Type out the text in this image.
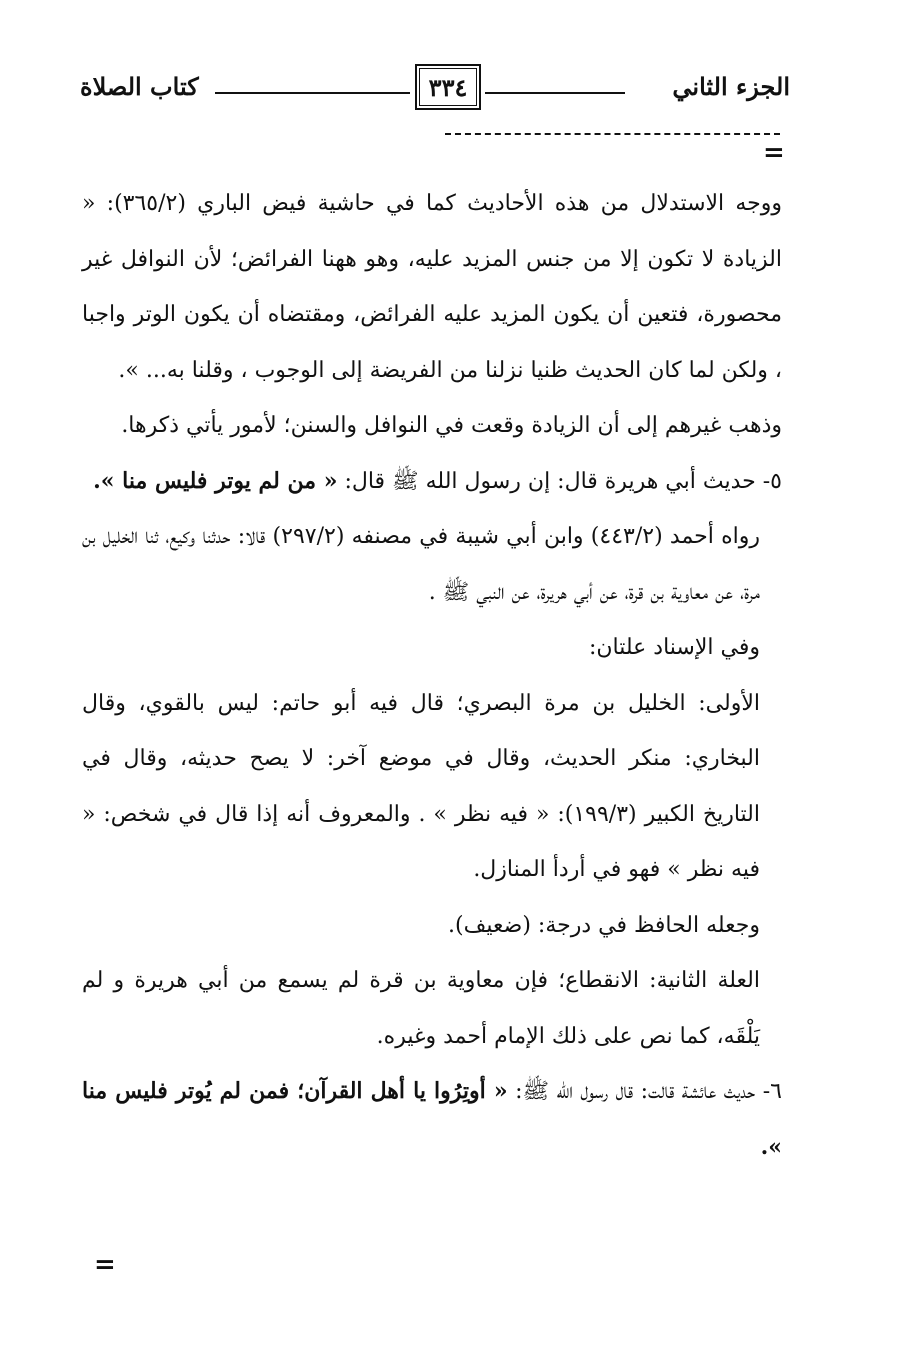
الجزء الثاني
٣٣٤
كتاب الصلاة
=

ووجه الاستدلال من هذه الأحاديث كما في حاشية فيض الباري (٣٦٥/٢): « الزيادة لا تكون إلا من جنس المزيد عليه، وهو ههنا الفرائض؛ لأن النوافل غير محصورة، فتعين أن يكون المزيد عليه الفرائض، ومقتضاه أن يكون الوتر واجبا ، ولكن لما كان الحديث ظنيا نزلنا من الفريضة إلى الوجوب ، وقلنا به... ».

وذهب غيرهم إلى أن الزيادة وقعت في النوافل والسنن؛ لأمور يأتي ذكرها.

٥- حديث أبي هريرة قال: إن رسول الله ﷺ قال: « من لم يوتر فليس منا ».

رواه أحمد (٤٤٣/٢) وابن أبي شيبة في مصنفه (٢٩٧/٢) قالا: حدثنا وكيع، ثنا الخليل بن مرة، عن معاوية بن قرة، عن أبي هريرة، عن النبي ﷺ .

وفي الإسناد علتان:

الأولى: الخليل بن مرة البصري؛ قال فيه أبو حاتم: ليس بالقوي، وقال البخاري: منكر الحديث، وقال في موضع آخر: لا يصح حديثه، وقال في التاريخ الكبير (١٩٩/٣): « فيه نظر » . والمعروف أنه إذا قال في شخص: « فيه نظر » فهو في أردأ المنازل.

وجعله الحافظ في درجة: (ضعيف).

العلة الثانية: الانقطاع؛ فإن معاوية بن قرة لم يسمع من أبي هريرة و لم يَلْقَه، كما نص على ذلك الإمام أحمد وغيره.

٦- حديث عائشة قالت: قال رسول الله ﷺ: « أوتِرُوا يا أهل القرآن؛ فمن لم يُوتر فليس منا ».

=
